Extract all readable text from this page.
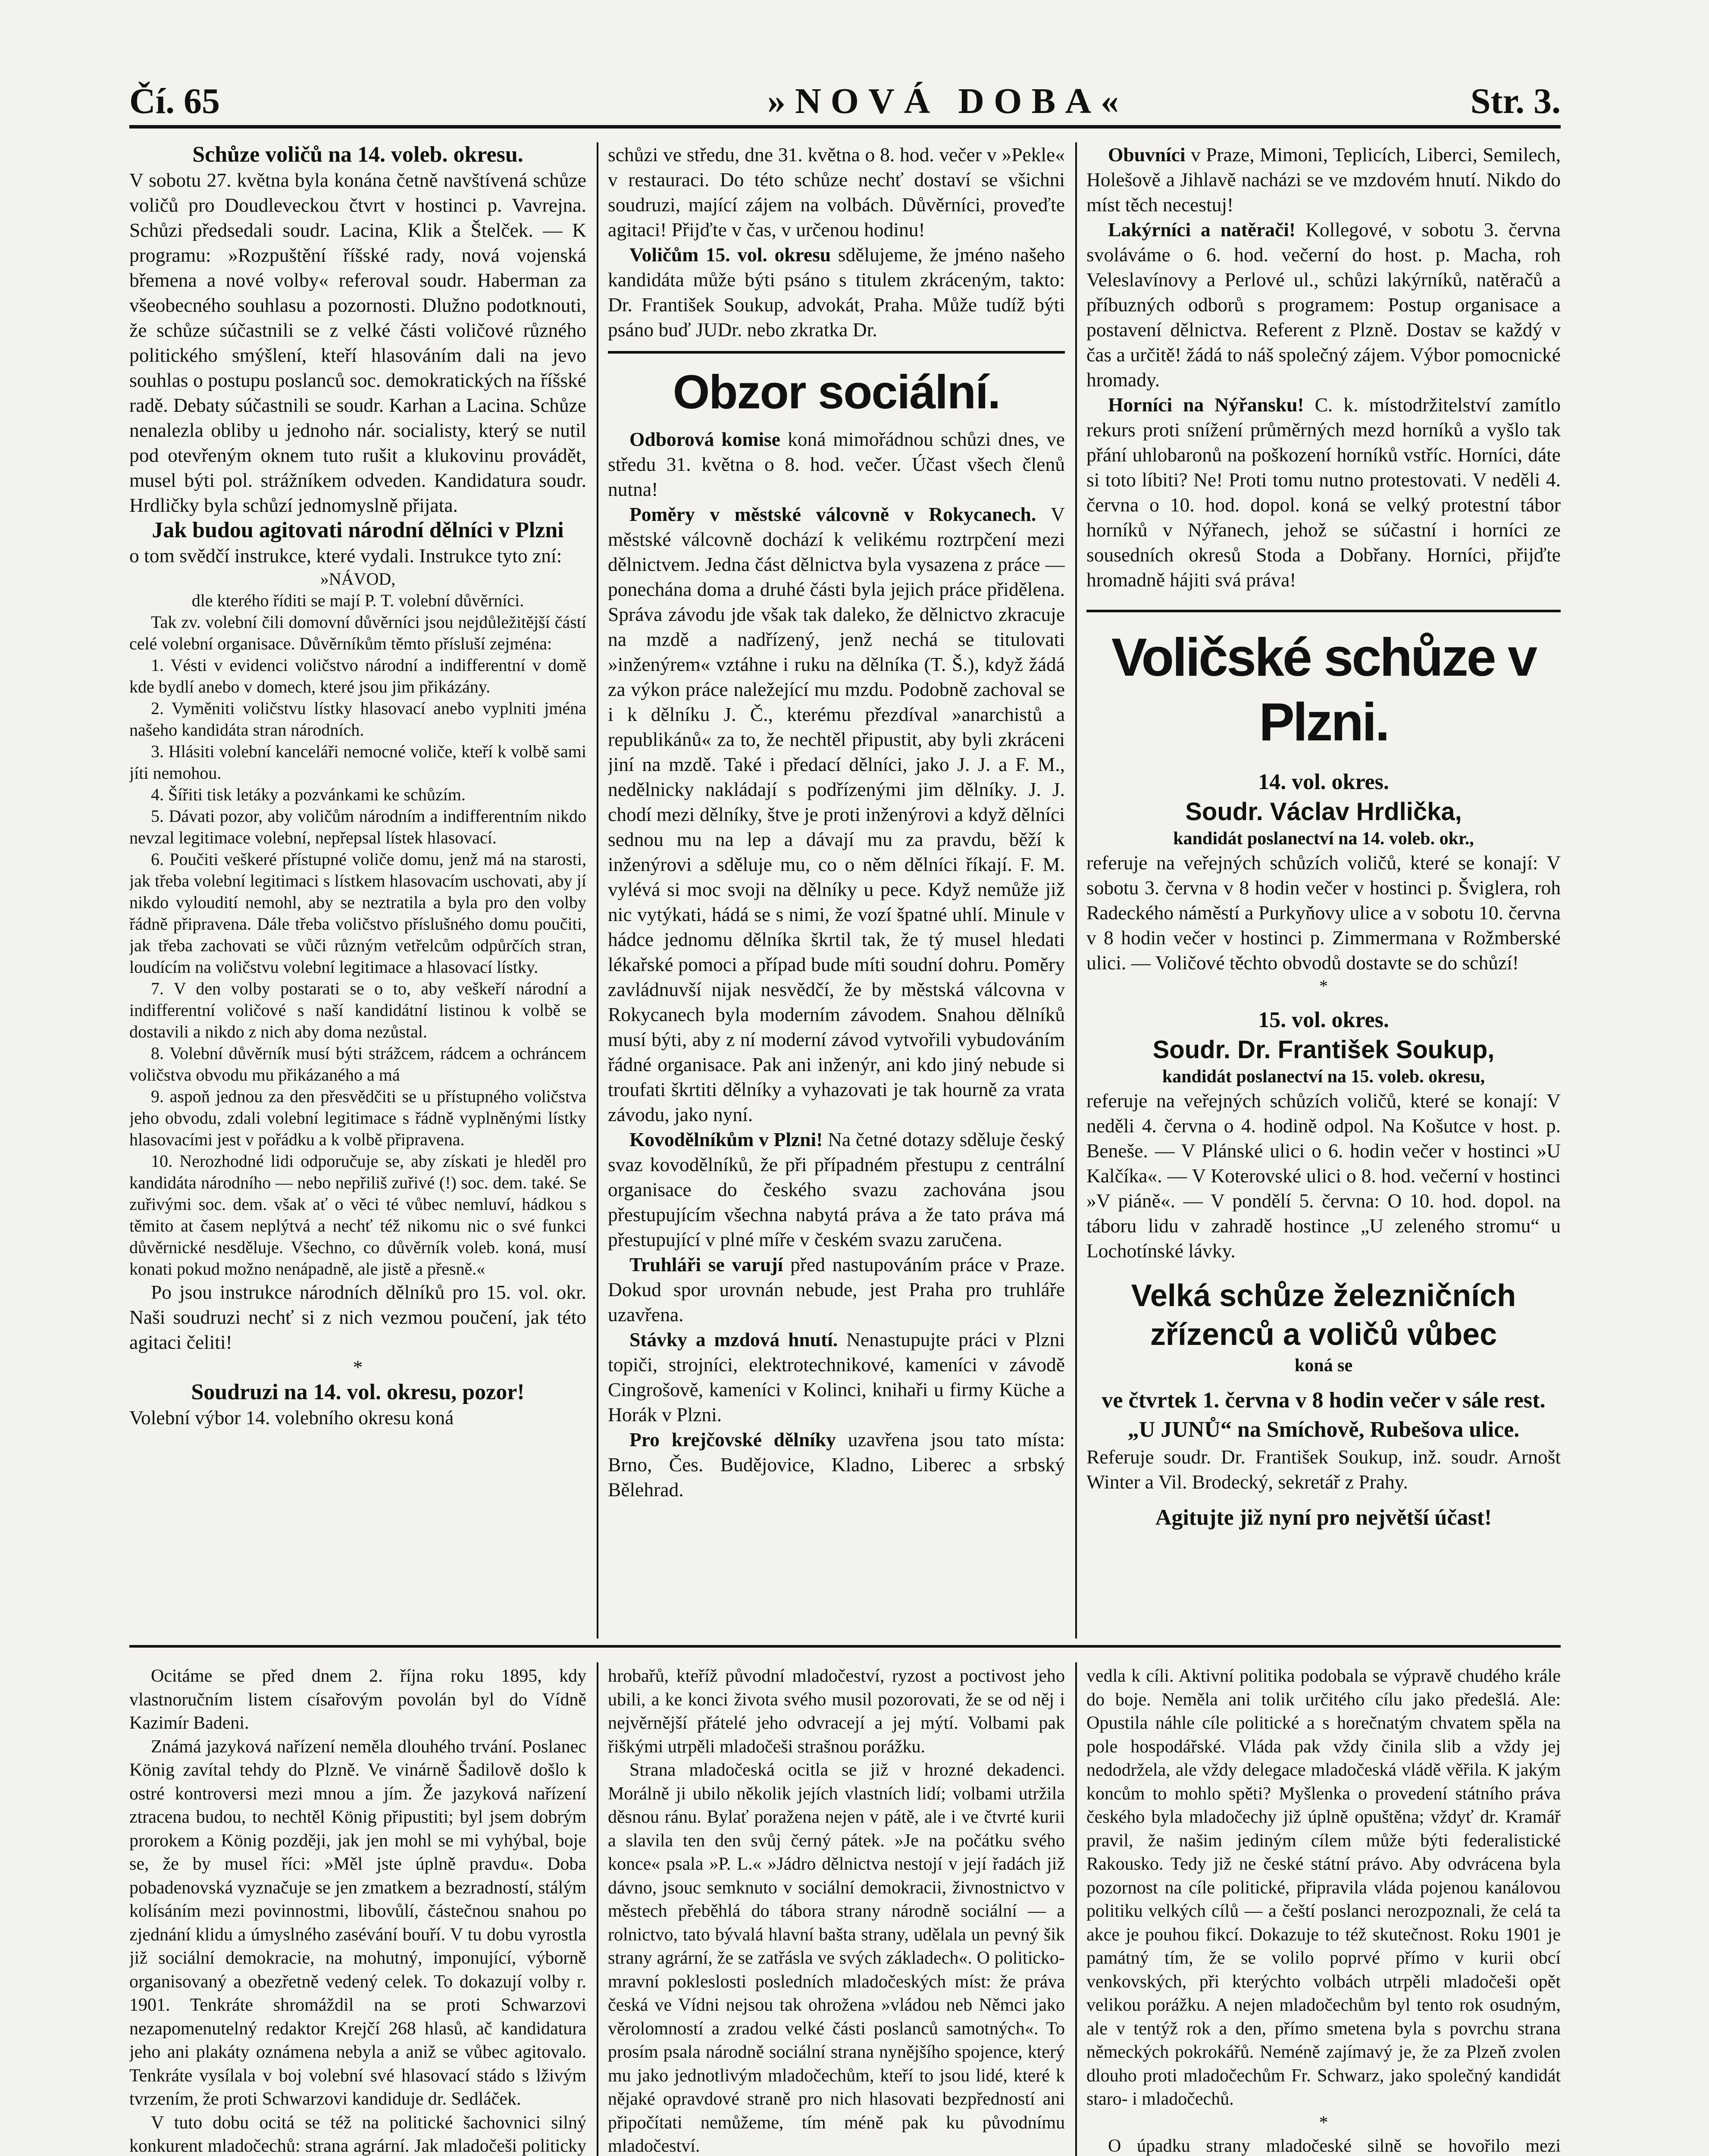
Čí. 65	»NOVÁ DOBA«	Str. 3.

Schůze voličů na 14. voleb. okresu.

V sobotu 27. května byla konána četně navštívená schůze voličů pro Doudleveckou čtvrt v hostinci p. Vavrejna. Schůzi předsedali soudr. Lacina, Klik a Štelček. — K programu: »Rozpuštění říšské rady, nová vojenská břemena a nové volby« referoval soudr. Haberman za všeobecného souhlasu a pozornosti. Dlužno podotknouti, že schůze súčastnili se z velké části voličové různého politického smýšlení, kteří hlasováním dali na jevo souhlas o postupu poslanců soc. demokratických na říšské radě. Debaty súčastnili se soudr. Karhan a Lacina. Schůze nenalezla obliby u jednoho nár. socialisty, který se nutil pod otevřeným oknem tuto rušit a klukovinu provádět, musel býti pol. strážníkem odveden. Kandidatura soudr. Hrdličky byla schůzí jednomyslně přijata.

Jak budou agitovati národní dělníci v Plzni

o tom svědčí instrukce, které vydali. Instrukce tyto zní:

»NÁVOD,

dle kterého říditi se mají P. T. volební důvěrníci.

Tak zv. volební čili domovní důvěrníci jsou nejdůležitější částí celé volební organisace. Důvěrníkům těmto přísluší zejména:

1. Vésti v evidenci voličstvo národní a indifferentní v domě kde bydlí anebo v domech, které jsou jim přikázány.

2. Vyměniti voličstvu lístky hlasovací anebo vyplniti jména našeho kandidáta stran národních.

3. Hlásiti volební kanceláři nemocné voliče, kteří k volbě sami jíti nemohou.

4. Šířiti tisk letáky a pozvánkami ke schůzím.

5. Dávati pozor, aby voličům národním a indifferentním nikdo nevzal legitimace volební, nepřepsal lístek hlasovací.

6. Poučiti veškeré přístupné voliče domu, jenž má na starosti, jak třeba volební legitimaci s lístkem hlasovacím uschovati, aby jí nikdo vyloudití nemohl, aby se neztratila a byla pro den volby řádně připravena. Dále třeba voličstvo příslušného domu poučiti, jak třeba zachovati se vůči různým vetřelcům odpůrčích stran, loudícím na voličstvu volební legitimace a hlasovací lístky.

7. V den volby postarati se o to, aby veškeří národní a indifferentní voličové s naší kandidátní listinou k volbě se dostavili a nikdo z nich aby doma nezůstal.

8. Volební důvěrník musí býti strážcem, rádcem a ochráncem voličstva obvodu mu přikázaného a má

9. aspoň jednou za den přesvědčiti se u přístupného voličstva jeho obvodu, zdali volební legitimace s řádně vyplněnými lístky hlasovacími jest v pořádku a k volbě připravena.

10. Nerozhodné lidi odporučuje se, aby získati je hleděl pro kandidáta národního — nebo nepřiliš zuřivé (!) soc. dem. také. Se zuřivými soc. dem. však ať o věci té vůbec nemluví, hádkou s těmito at časem neplýtvá a nechť též nikomu nic o své funkci důvěrnické nesděluje. Všechno, co důvěrník voleb. koná, musí konati pokud možno nenápadně, ale jistě a přesně.«

Po jsou instrukce národních dělníků pro 15. vol. okr. Naši soudruzi nechť si z nich vezmou poučení, jak této agitaci čeliti!

*

Soudruzi na 14. vol. okresu, pozor!

Volební výbor 14. volebního okresu koná

schůzi ve středu, dne 31. května o 8. hod. večer v »Pekle« v restauraci. Do této schůze nechť dostaví se všichni soudruzi, mající zájem na volbách. Důvěrníci, proveďte agitaci! Přijďte v čas, v určenou hodinu!

Voličům 15. vol. okresu sdělujeme, že jméno našeho kandidáta může býti psáno s titulem zkráceným, takto: Dr. František Soukup, advokát, Praha. Může tudíž býti psáno buď JUDr. nebo zkratka Dr.

Obzor sociální.

Odborová komise koná mimořádnou schůzi dnes, ve středu 31. května o 8. hod. večer. Účast všech členů nutna!

Poměry v městské válcovně v Rokycanech. V městské válcovně dochází k velikému roztrpčení mezi dělnictvem. Jedna část dělnictva byla vysazena z práce — ponechána doma a druhé části byla jejich práce přidělena. Správa závodu jde však tak daleko, že dělnictvo zkracuje na mzdě a nadřízený, jenž nechá se titulovati »inženýrem« vztáhne i ruku na dělníka (T. Š.), když žádá za výkon práce naležející mu mzdu. Podobně zachoval se i k dělníku J. Č., kterému přezdíval »anarchistů a republikánů« za to, že nechtěl připustit, aby byli zkráceni jiní na mzdě. Také i předací dělníci, jako J. J. a F. M., nedělnicky nakládají s podřízenými jim dělníky. J. J. chodí mezi dělníky, štve je proti inženýrovi a když dělníci sednou mu na lep a dávají mu za pravdu, běží k inženýrovi a sděluje mu, co o něm dělníci říkají. F. M. vylévá si moc svoji na dělníky u pece. Když nemůže již nic vytýkati, hádá se s nimi, že vozí špatné uhlí. Minule v hádce jednomu dělníka škrtil tak, že tý musel hledati lékařské pomoci a případ bude míti soudní dohru. Poměry zavládnuvší nijak nesvědčí, že by městská válcovna v Rokycanech byla moderním závodem. Snahou dělníků musí býti, aby z ní moderní závod vytvořili vybudováním řádné organisace. Pak ani inženýr, ani kdo jiný nebude si troufati škrtiti dělníky a vyhazovati je tak hourně za vrata závodu, jako nyní.

Kovodělníkům v Plzni! Na četné dotazy sděluje český svaz kovodělníků, že při případném přestupu z centrální organisace do českého svazu zachována jsou přestupujícím všechna nabytá práva a že tato práva má přestupující v plné míře v českém svazu zaručena.

Truhláři se varují před nastupováním práce v Praze. Dokud spor urovnán nebude, jest Praha pro truhláře uzavřena.

Stávky a mzdová hnutí. Nenastupujte práci v Plzni topiči, strojníci, elektrotechnikové, kameníci v závodě Cingrošově, kameníci v Kolinci, knihaři u firmy Küche a Horák v Plzni.

Pro krejčovské dělníky uzavřena jsou tato místa: Brno, Čes. Budějovice, Kladno, Liberec a srbský Bělehrad.

Obuvníci v Praze, Mimoni, Teplicích, Liberci, Semilech, Holešově a Jihlavě nacházi se ve mzdovém hnutí. Nikdo do míst těch necestuj!

Lakýrníci a natěrači! Kollegové, v sobotu 3. června svoláváme o 6. hod. večerní do host. p. Macha, roh Veleslavínovy a Perlové ul., schůzi lakýrníků, natěračů a příbuzných odborů s programem: Postup organisace a postavení dělnictva. Referent z Plzně. Dostav se každý v čas a určitě! žádá to náš společný zájem. Výbor pomocnické hromady.

Horníci na Nýřansku! C. k. místodržitelství zamítlo rekurs proti snížení průměrných mezd horníků a vyšlo tak přání uhlobaronů na poškození horníků vstříc. Horníci, dáte si toto líbiti? Ne! Proti tomu nutno protestovati. V neděli 4. června o 10. hod. dopol. koná se velký protestní tábor horníků v Nýřanech, jehož se súčastní i horníci ze sousedních okresů Stoda a Dobřany. Horníci, přijďte hromadně hájiti svá práva!

Voličské schůze v Plzni.
14. vol. okres.
Soudr. Václav Hrdlička,
kandidát poslanectví na 14. voleb. okr.,

referuje na veřejných schůzích voličů, které se konají: V sobotu 3. června v 8 hodin večer v hostinci p. Šviglera, roh Radeckého náměstí a Purkyňovy ulice a v sobotu 10. června v 8 hodin večer v hostinci p. Zimmermana v Rožmberské ulici. — Voličové těchto obvodů dostavte se do schůzí!

*
15. vol. okres.
Soudr. Dr. František Soukup,
kandidát poslanectví na 15. voleb. okresu,

referuje na veřejných schůzích voličů, které se konají: V neděli 4. června o 4. hodině odpol. Na Košutce v host. p. Beneše. — V Plánské ulici o 6. hodin večer v hostinci »U Kalčíka«. — V Koterovské ulici o 8. hod. večerní v hostinci »V piáně«. — V pondělí 5. června: O 10. hod. dopol. na táboru lidu v zahradě hostince „U zeleného stromu“ u Lochotínské lávky.

Velká schůze železničních zřízenců a voličů vůbec
koná se
ve čtvrtek 1. června v 8 hodin večer v sále rest. „U JUNŮ“ na Smíchově, Rubešova ulice.

Referuje soudr. Dr. František Soukup, inž. soudr. Arnošt Winter a Vil. Brodecký, sekretář z Prahy.

Agitujte již nyní pro největší účast!

Ocitáme se před dnem 2. října roku 1895, kdy vlastnoručním listem císařovým povolán byl do Vídně Kazimír Badeni.

Známá jazyková nařízení neměla dlouhého trvání. Poslanec König zavítal tehdy do Plzně. Ve vinárně Šadilově došlo k ostré kontroversi mezi mnou a jím. Že jazyková nařízení ztracena budou, to nechtěl König připustiti; byl jsem dobrým prorokem a König později, jak jen mohl se mi vyhýbal, boje se, že by musel říci: »Měl jste úplně pravdu«. Doba pobadenovská vyznačuje se jen zmatkem a bezradností, stálým kolísáním mezi povinnostmi, libovůlí, částečnou snahou po zjednání klidu a úmyslného zasévání bouří. V tu dobu vyrostla již sociální demokracie, na mohutný, imponující, výborně organisovaný a obezřetně vedený celek. To dokazují volby r. 1901. Tenkráte shromáždil na se proti Schwarzovi nezapomenutelný redaktor Krejčí 268 hlasů, ač kandidatura jeho ani plakáty oznámena nebyla a aniž se vůbec agitovalo. Tenkráte vysílala v boj volební své hlasovací stádo s lživým tvrzením, že proti Schwarzovi kandiduje dr. Sedláček.

V tuto dobu ocitá se též na politické šachovnici silný konkurent mladočechů: strana agrární. Jak mladočeši politicky

hrobařů, kteříž původní mladočeství, ryzost a poctivost jeho ubili, a ke konci života svého musil pozorovati, že se od něj i nejvěrnější přátelé jeho odvracejí a jej mýtí. Volbami pak řiškými utrpěli mladočeši strašnou porážku.

Strana mladočeská ocitla se již v hrozné dekadenci. Morálně ji ubilo několik jejích vlastních lidí; volbami utržila děsnou ránu. Bylať poražena nejen v pátě, ale i ve čtvrté kurii a slavila ten den svůj černý pátek. »Je na počátku svého konce« psala »P. L.« »Jádro dělnictva nestojí v její řadách již dávno, jsouc semknuto v sociální demokracii, živnostnictvo v městech přeběhlá do tábora strany národně sociální — a rolnictvo, tato bývalá hlavní bašta strany, udělala un pevný šik strany agrární, že se zatřásla ve svých základech«. O politicko-mravní pokleslosti posledních mladočeských míst: že práva česká ve Vídni nejsou tak ohrožena »vládou neb Němci jako věrolomností a zradou velké části poslanců samotných«. To prosím psala národně sociální strana nynějšího spojence, který mu jako jednotlivým mladočechům, kteří to jsou lidé, které k nějaké opravdové straně pro nich hlasovati bezpředností ani připočítati nemůžeme, tím méně pak ku původnímu mladočeství.

vedla k cíli. Aktivní politika podobala se výpravě chudého krále do boje. Neměla ani tolik určitého cílu jako předešlá. Ale: Opustila náhle cíle politické a s horečnatým chvatem spěla na pole hospodářské. Vláda pak vždy činila slib a vždy jej nedodržela, ale vždy delegace mladočeská vládě věřila. K jakým koncům to mohlo spěti? Myšlenka o provedení státního práva českého byla mladočechy již úplně opuštěna; vždyť dr. Kramář pravil, že našim jediným cílem může býti federalistické Rakousko. Tedy již ne české státní právo. Aby odvrácena byla pozornost na cíle politické, připravila vláda pojenou kanálovou politiku velkých cílů — a čeští poslanci nerozpoznali, že celá ta akce je pouhou fikcí. Dokazuje to též skutečnost. Roku 1901 je památný tím, že se volilo poprvé přímo v kurii obcí venkovských, při kterýchto volbách utrpěli mladočeši opět velikou porážku. A nejen mladočechům byl tento rok osudným, ale v tentýž rok a den, přímo smetena byla s povrchu strana německých pokrokářů. Neméně zajímavý je, že za Plzeň zvolen dlouho proti mladočechům Fr. Schwarz, jako společný kandidát staro- i mladočechů.

*

O úpadku strany mladočeské silně se hovořilo mezi
